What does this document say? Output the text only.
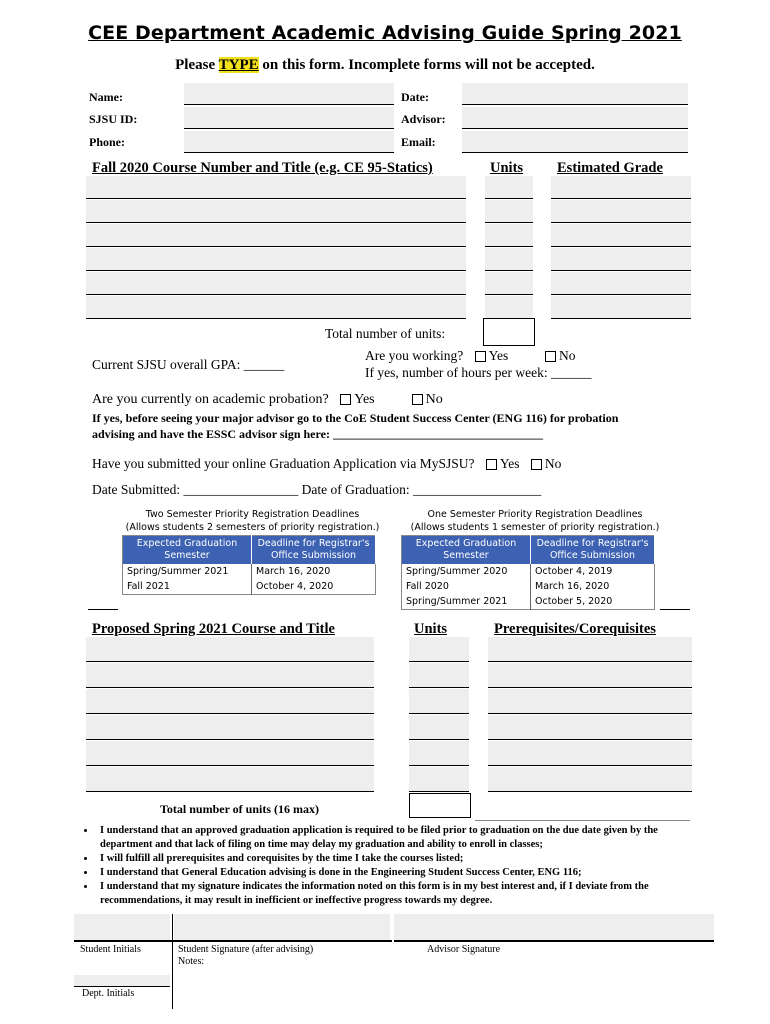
CEE Department Academic Advising Guide Spring 2021
Please TYPE on this form. Incomplete forms will not be accepted.
Name:
SJSU ID:
Phone:
Date:
Advisor:
Email:
Fall 2020 Course Number and Title (e.g. CE 95-Statics)	Units Estimated Grade
Total number of units:
Current SJSU overall GPA: ______
Are you working? Yes	No
If yes, number of hours per week: ______
Are you currently on academic probation? Yes	No
If yes, before seeing your major advisor go to the CoE Student Success Center (ENG 116) for probation advising and have the ESSC advisor sign here: ___________________________________
Have you submitted your online Graduation Application via MySJSU? Yes No
Date Submitted: _________________ Date of Graduation: ___________________
Two Semester Priority Registration Deadlines
(Allows students 2 semesters of priority registration.)
Expected Graduation Semester	Deadline for Registrar's Office Submission
Spring/Summer 2021	March 16, 2020
Fall 2021	October 4, 2020
One Semester Priority Registration Deadlines
(Allows students 1 semester of priority registration.)
Expected Graduation Semester	Deadline for Registrar's Office Submission
Spring/Summer 2020	October 4, 2019
Fall 2020	March 16, 2020
Spring/Summer 2021	October 5, 2020
Proposed Spring 2021 Course and Title	Units	Prerequisites/Corequisites
Total number of units (16 max)
• I understand that an approved graduation application is required to be filed prior to graduation on the due date given by the department and that lack of filing on time may delay my graduation and ability to enroll in classes;
• I will fulfill all prerequisites and corequisites by the time I take the courses listed;
• I understand that General Education advising is done in the Engineering Student Success Center, ENG 116;
• I understand that my signature indicates the information noted on this form is in my best interest and, if I deviate from the recommendations, it may result in inefficient or ineffective progress towards my degree.
Student Initials	Student Signature (after advising)
Notes:
Advisor Signature
Dept. Initials
